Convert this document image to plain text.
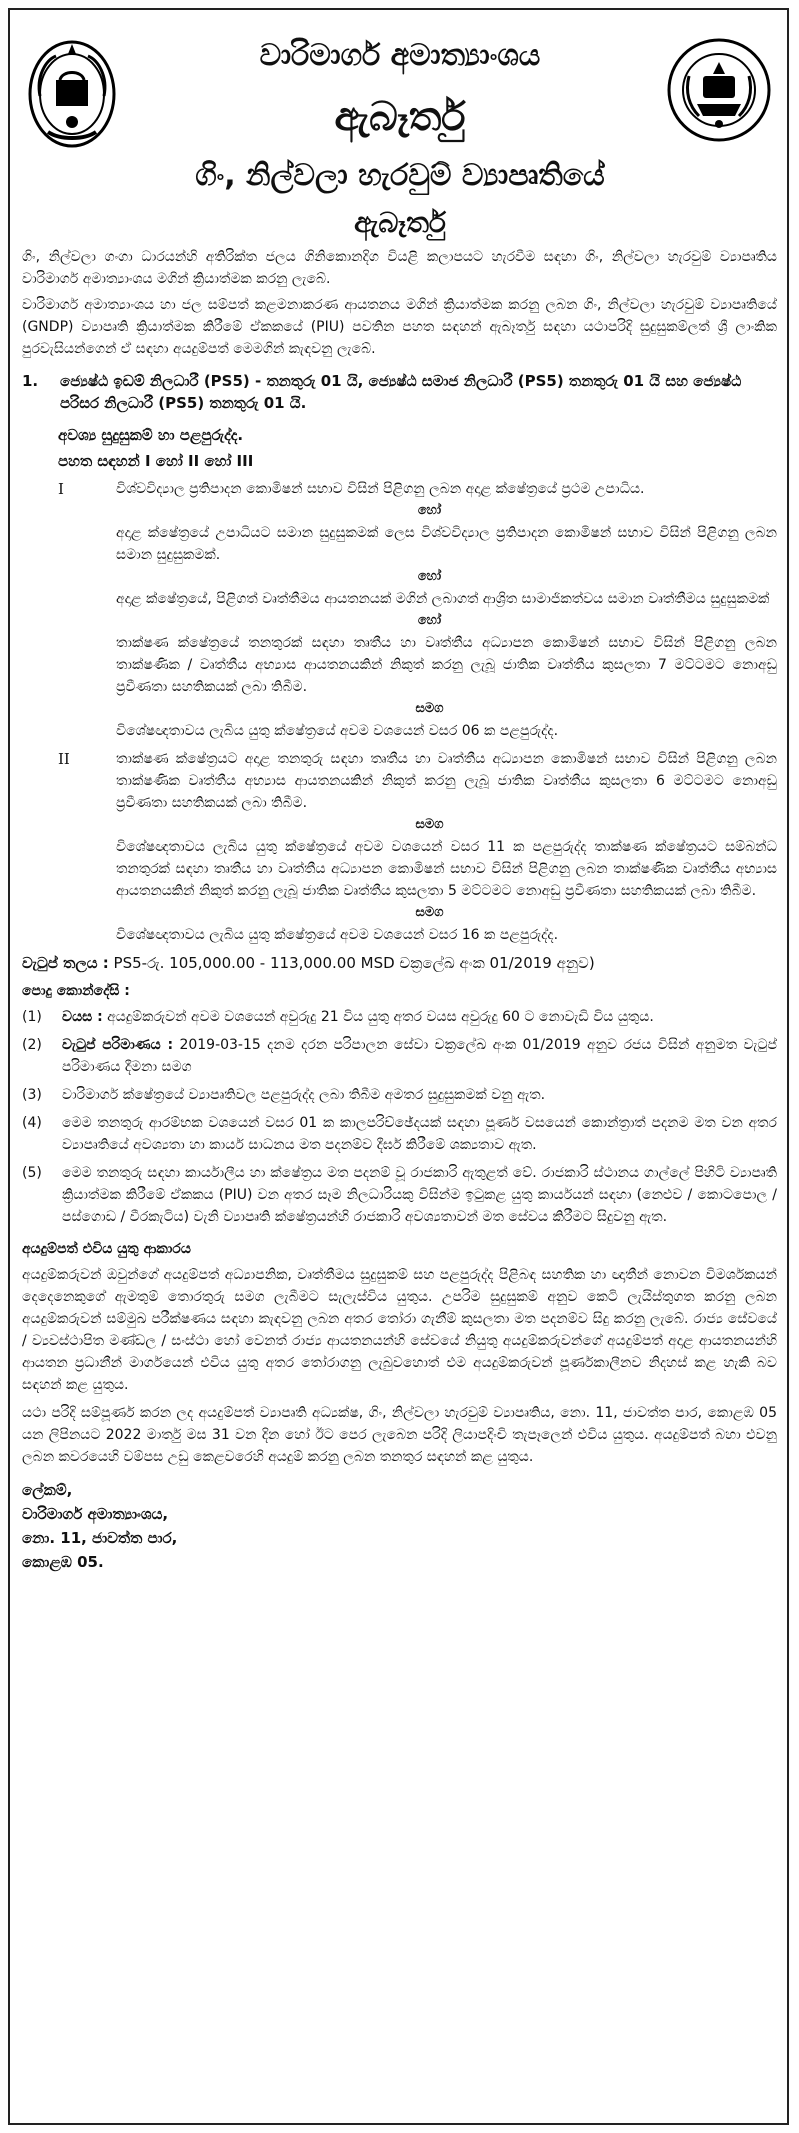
වාරිමාර්ග අමාත්‍යාංශය
ඇබෑර්තු
ගිං, නිල්වලා හැරවුම් ව්‍යාපෘතියේ
ඇබෑර්තු

ගිං, නිල්වලා ගංගා ධාරයන්හි අතිරික්ත ජලය ගිනිකොනදිග වියළි කලාපයට හැරවීම සඳහා ගිං, නිල්වලා හැරවුම් ව්‍යාපෘතිය වාරිමාර්ග අමාත්‍යාංශය මගින් ක්‍රියාත්මක කරනු ලැබේ.

වාරිමාර්ග අමාත්‍යාංශය හා ජල සම්පත් කළමනාකරණ ආයතනය මගින් ක්‍රියාත්මක කරනු ලබන ගිං, නිල්වලා හැරවුම් ව්‍යාපෘතියේ (GNDP) ව්‍යාපෘති ක්‍රියාත්මක කිරීමේ ඒකකයේ (PIU) පවතින පහත සඳහන් ඇබෑර්තු සඳහා යථාපරිදි සුදුසුකම්ලත් ශ්‍රී ලාංකික පුරවැසියන්ගෙන් ඒ සඳහා අයදුම්පත් මෙමගින් කැඳවනු ලැබේ.

1.	ජ්‍යෙෂ්ඨ ඉඩම් නිලධාරී (PS5) - තනතුරු 01 යි, ජ්‍යෙෂ්ඨ සමාජ නිලධාරී (PS5) තනතුරු 01 යි සහ ජ්‍යෙෂ්ඨ පරිසර නිලධාරී (PS5) තනතුරු 01 යි.

අවශ්‍ය සුදුසුකම් හා පළපුරුද්ද.

පහත සඳහන් I හෝ II හෝ III

I	විශ්වවිද්‍යාල ප්‍රතිපාදන කොමිෂන් සභාව විසින් පිළිගනු ලබන අදාළ ක්ෂේත්‍රයේ ප්‍රථම උපාධිය.
හෝ

අදාළ ක්ෂේත්‍රයේ උපාධියට සමාන සුදුසුකමක් ලෙස විශ්වවිද්‍යාල ප්‍රතිපාදන කොමිෂන් සභාව විසින් පිළිගනු ලබන සමාන සුදුසුකමක්.

හෝ

අදාළ ක්ෂේත්‍රයේ, පිළිගත් වෘත්තීමය ආයතනයක් මගින් ලබාගත් ආශ්‍රිත සාමාජිකත්වය සමාන වෘත්තීමය සුදුසුකමක්

හෝ

තාක්ෂණ ක්ෂේත්‍රයේ තනතුරක් සඳහා තෘතීය හා වෘත්තීය අධ්‍යාපන කොමිෂන් සභාව විසින් පිළිගනු ලබන තාක්ෂණික / වෘත්තීය අභ්‍යාස ආයතනයකින් නිකුත් කරනු ලැබූ ජාතික වෘත්තීය කුසලතා 7 මට්ටමට නොඅඩු ප්‍රවීණතා සහතිකයක් ලබා තිබීම.

සමග

විශේෂඥතාවය ලැබිය යුතු ක්ෂේත්‍රයේ අවම වශයෙන් වසර 06 ක පළපුරුද්ද.

II	තාක්ෂණ ක්ෂේත්‍රයට අදාළ තනතුරු සඳහා තෘතීය හා වෘත්තීය අධ්‍යාපන කොමිෂන් සභාව විසින් පිළිගනු ලබන තාක්ෂණික වෘත්තීය අභ්‍යාස ආයතනයකින් නිකුත් කරනු ලැබූ ජාතික වෘත්තීය කුසලතා 6 මට්ටමට නොඅඩු ප්‍රවීණතා සහතිකයක් ලබා තිබීම.
සමග

විශේෂඥතාවය ලැබිය යුතු ක්ෂේත්‍රයේ අවම වශයෙන් වසර 11 ක පළපුරුද්ද තාක්ෂණ ක්ෂේත්‍රයට සම්බන්ධ තනතුරක් සඳහා තෘතීය හා වෘත්තීය අධ්‍යාපන කොමිෂන් සභාව විසින් පිළිගනු ලබන තාක්ෂණික වෘත්තීය අභ්‍යාස ආයතනයකින් නිකුත් කරනු ලැබූ ජාතික වෘත්තීය කුසලතා 5 මට්ටමට නොඅඩු ප්‍රවීණතා සහතිකයක් ලබා තිබීම.

සමග

විශේෂඥතාවය ලැබිය යුතු ක්ෂේත්‍රයේ අවම වශයෙන් වසර 16 ක පළපුරුද්ද.

වැටුප් තලය : PS5-රු. 105,000.00 - 113,000.00 MSD චක්‍රලේඛ අංක 01/2019 අනුව)

පොදු කොන්දේසි :

(1)	වයස : අයදුම්කරුවන් අවම වශයෙන් අවුරුදු 21 විය යුතු අතර වයස අවුරුදු 60 ට නොවැඩි විය යුතුය.
(2)	වැටුප් පරිමාණය : 2019-03-15 දනම දරන පරිපාලන සේවා චක්‍රලේඛ අංක 01/2019 අනුව රජය විසින් අනුමත වැටුප් පරිමාණය දීමනා සමග
(3)	වාරිමාර්ග ක්ෂේත්‍රයේ ව්‍යාපෘතිවල පළපුරුද්ද ලබා තිබීම අමතර සුදුසුකමක් වනු ඇත.
(4)	මෙම තනතුරු ආරම්භක වශයෙන් වසර 01 ක කාලපරිච්ඡේදයක් සඳහා පූර්ණ වසයෙන් කොන්ත්‍රාත් පදනම මත වන අතර ව්‍යාපෘතියේ අවශ්‍යතා හා කාර්ය සාධනය මත පදනම්ව දීර්ඝ කිරීමේ ශක්‍යතාව ඇත.
(5)	මෙම තනතුරු සඳහා කාර්යාලීය හා ක්ෂේත්‍රය මත පදනම් වූ රාජකාරි ඇතුළත් වේ. රාජකාරි ස්ථානය ගාල්ලේ පිහිටි ව්‍යාපෘති ක්‍රියාත්මක කිරීමේ ඒකකය (PIU) වන අතර සෑම නිලධාරියකු විසින්ම ඉටුකළ යුතු කාර්යයන් සඳහා (නෙළුව / කොටපොල / පස්ගොඩ / වීරකැටිය) වැනි ව්‍යාපෘති ක්ෂේත්‍රයන්හි රාජකාරි අවශ්‍යතාවන් මත සේවය කිරීමට සිදුවනු ඇත.

අයදුම්පත් එවිය යුතු ආකාරය

අයදුම්කරුවන් ඔවුන්ගේ අයදුම්පත් අධ්‍යාපනික, වෘත්තීමය සුදුසුකම් සහ පළපුරුද්ද පිළිබඳ සහතික හා ඥාතීන් නොවන විමර්ශකයන් දෙදෙනෙකුගේ ඇමතුම් තොරතුරු සමග ලැබීමට සැලැස්විය යුතුය. උපරිම සුදුසුකම් අනුව කෙටි ලැයිස්තුගත කරනු ලබන අයදුම්කරුවන් සම්මුඛ පරීක්ෂණය සඳහා කැඳවනු ලබන අතර තෝරා ගැනීම් කුසලතා මත පදනම්ව සිදු කරනු ලැබේ. රාජ්‍ය සේවයේ / ව්‍යවස්ථාපිත මණ්ඩල / සංස්ථා හෝ වෙනත් රාජ්‍ය ආයතනයන්හි සේවයේ නියුතු අයදුම්කරුවන්ගේ අයදුම්පත් අදාළ ආයතනයන්හි ආයතන ප්‍රධානීන් මාර්ගයෙන් එවිය යුතු අතර තෝරාගනු ලැබුවහොත් එම අයදුම්කරුවන් පූර්ණකාලීනව නිදහස් කළ හැකි බව සඳහන් කළ යුතුය.

යථා පරිදි සම්පූර්ණ කරන ලද අයදුම්පත් ව්‍යාපෘති අධ්‍යක්ෂ, ගිං, නිල්වලා හැරවුම් ව්‍යාපෘතිය, නො. 11, ජාවත්ත පාර, කොළඹ 05 යන ලිපිනයට 2022 මාර්තු මස 31 වන දින හෝ ඊට පෙර ලැබෙන පරිදි ලියාපදිංචි තැපෑලෙන් එවිය යුතුය. අයදුම්පත් බහා එවනු ලබන කවරයෙහි වම්පස උඩු කෙළවරෙහි අයදුම් කරනු ලබන තනතුර සඳහන් කළ යුතුය.

ලේකම්,

වාරිමාර්ග අමාත්‍යාංශය,

නො. 11, ජාවත්ත පාර,

කොළඹ 05.
